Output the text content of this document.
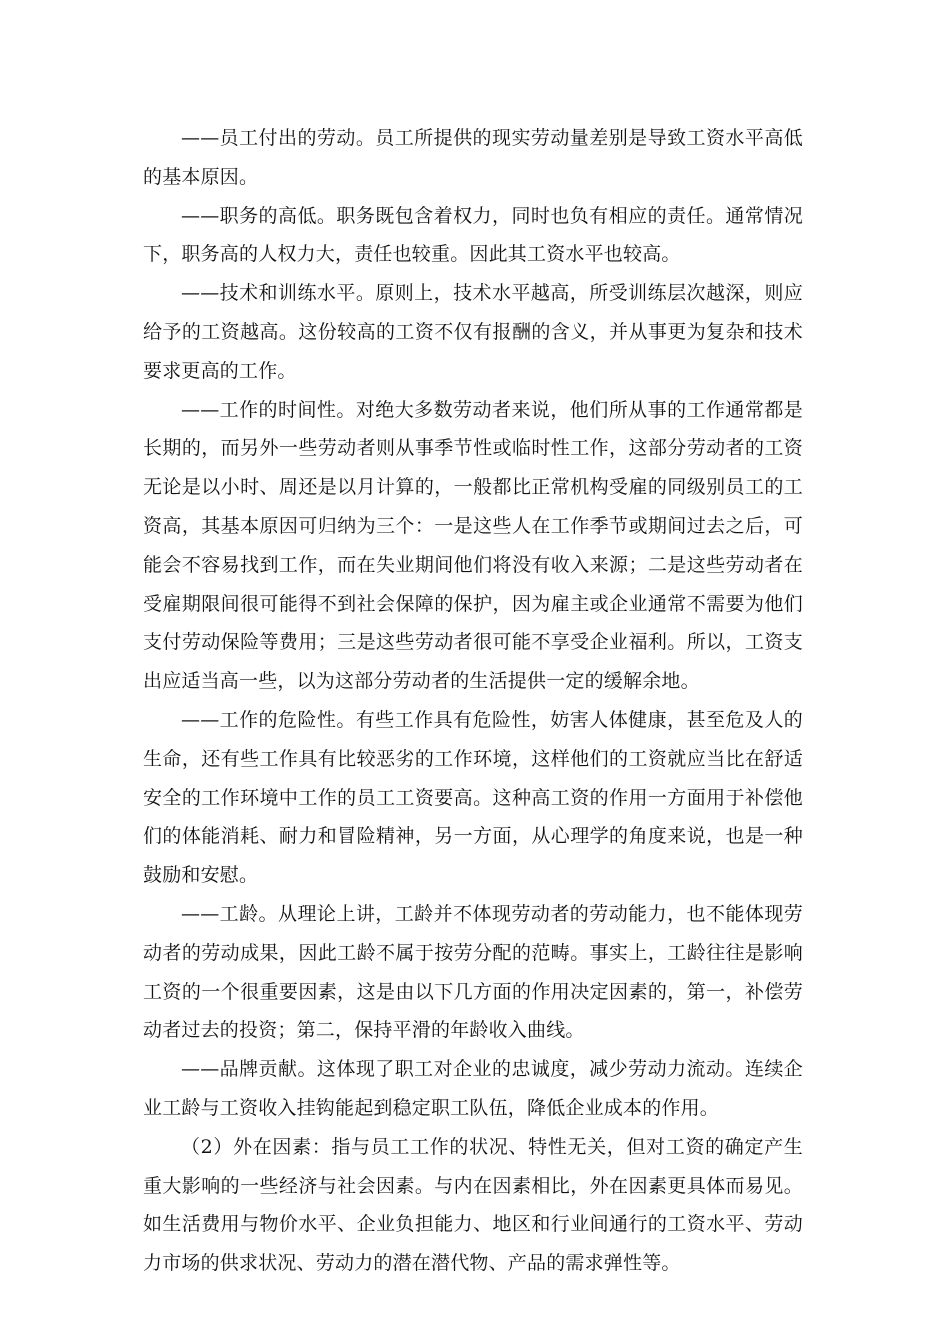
——员工付出的劳动。员工所提供的现实劳动量差别是导致工资水平高低的基本原因。

——职务的高低。职务既包含着权力，同时也负有相应的责任。通常情况下，职务高的人权力大，责任也较重。因此其工资水平也较高。

——技术和训练水平。原则上，技术水平越高，所受训练层次越深，则应给予的工资越高。这份较高的工资不仅有报酬的含义，并从事更为复杂和技术要求更高的工作。

——工作的时间性。对绝大多数劳动者来说，他们所从事的工作通常都是长期的，而另外一些劳动者则从事季节性或临时性工作，这部分劳动者的工资无论是以小时、周还是以月计算的，一般都比正常机构受雇的同级别员工的工资高，其基本原因可归纳为三个：一是这些人在工作季节或期间过去之后，可能会不容易找到工作，而在失业期间他们将没有收入来源；二是这些劳动者在受雇期限间很可能得不到社会保障的保护，因为雇主或企业通常不需要为他们支付劳动保险等费用；三是这些劳动者很可能不享受企业福利。所以，工资支出应适当高一些，以为这部分劳动者的生活提供一定的缓解余地。

——工作的危险性。有些工作具有危险性，妨害人体健康，甚至危及人的生命，还有些工作具有比较恶劣的工作环境，这样他们的工资就应当比在舒适安全的工作环境中工作的员工工资要高。这种高工资的作用一方面用于补偿他们的体能消耗、耐力和冒险精神，另一方面，从心理学的角度来说，也是一种鼓励和安慰。

——工龄。从理论上讲，工龄并不体现劳动者的劳动能力，也不能体现劳动者的劳动成果，因此工龄不属于按劳分配的范畴。事实上，工龄往往是影响工资的一个很重要因素，这是由以下几方面的作用决定因素的，第一，补偿劳动者过去的投资；第二，保持平滑的年龄收入曲线。

——品牌贡献。这体现了职工对企业的忠诚度，减少劳动力流动。连续企业工龄与工资收入挂钩能起到稳定职工队伍，降低企业成本的作用。

（2）外在因素：指与员工工作的状况、特性无关，但对工资的确定产生重大影响的一些经济与社会因素。与内在因素相比，外在因素更具体而易见。如生活费用与物价水平、企业负担能力、地区和行业间通行的工资水平、劳动力市场的供求状况、劳动力的潜在潜代物、产品的需求弹性等。
